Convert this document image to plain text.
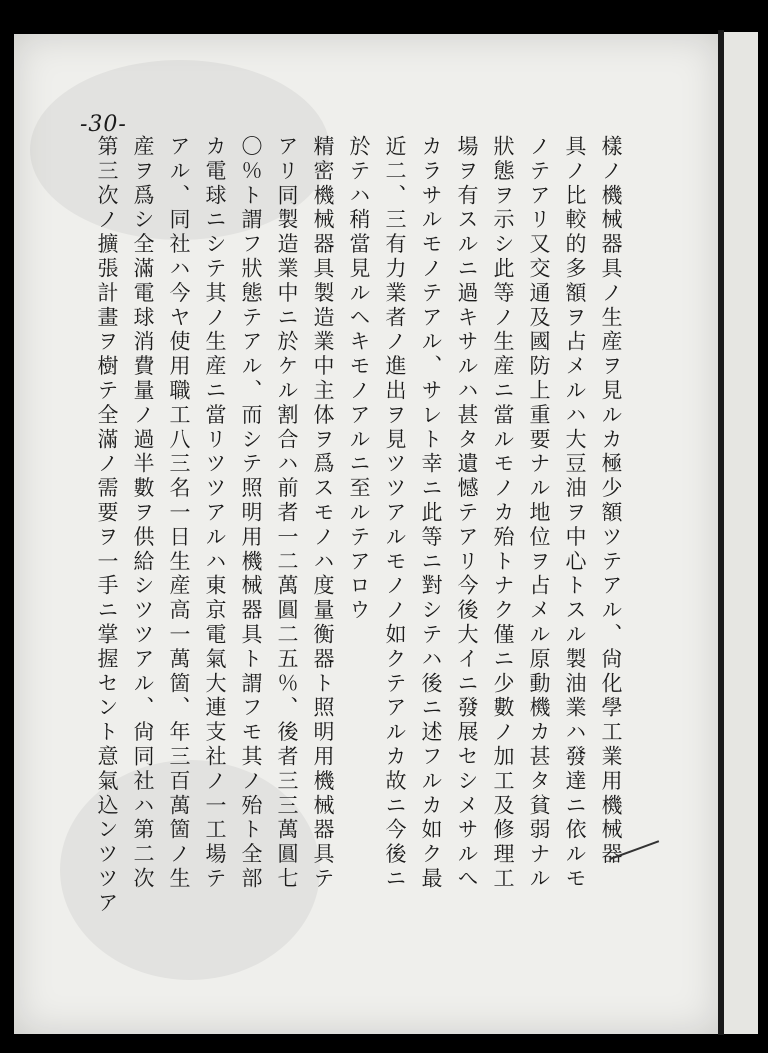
-30-
樣ノ機械器具ノ生産ヲ見ルカ極少額ツテアル、尙化學工業用機械器
具ノ比較的多額ヲ占メルハ大豆油ヲ中心トスル製油業ハ發達ニ依ルモ
ノテアリ又交通及國防上重要ナル地位ヲ占メル原動機カ甚タ貧弱ナル
狀態ヲ示シ此等ノ生産ニ當ルモノカ殆トナク僅ニ少數ノ加工及修理工
場ヲ有スルニ過キサルハ甚タ遺憾テアリ今後大イニ發展セシメサルへ
カラサルモノテアル、サレト幸ニ此等ニ對シテハ後ニ述フルカ如ク最
近二、三有力業者ノ進出ヲ見ツツアルモノノ如クテアルカ故ニ今後ニ
於テハ稍當見ルヘキモノアルニ至ルテアロウ
精密機械器具製造業中主体ヲ爲スモノハ度量衡器ト照明用機械器具テ
アリ同製造業中ニ於ケル割合ハ前者一二萬圓二五％、後者三三萬圓七
〇％ト謂フ狀態テアル、而シテ照明用機械器具ト謂フモ其ノ殆ト全部
カ電球ニシテ其ノ生産ニ當リツツアルハ東京電氣大連支社ノ一工場テ
アル、同社ハ今ヤ使用職工八三名一日生産高一萬箇、年三百萬箇ノ生
産ヲ爲シ全滿電球消費量ノ過半數ヲ供給シツツアル、尙同社ハ第二次
第三次ノ擴張計畫ヲ樹テ全滿ノ需要ヲ一手ニ掌握セント意氣込ンツツア
